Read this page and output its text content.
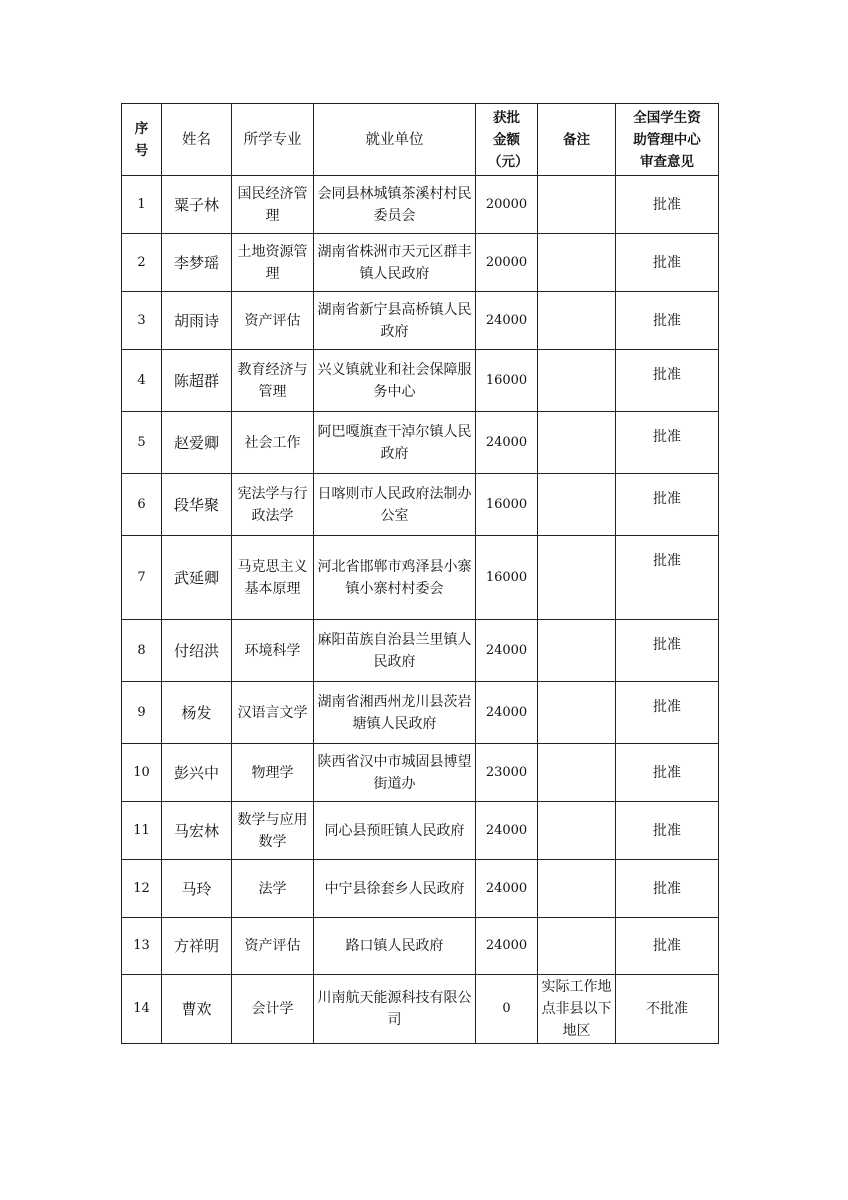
序号	姓名	所学专业	就业单位	获批金额（元）	备注	全国学生资助管理中心审查意见
1	粟子林	国民经济管理	会同县林城镇茶溪村村民委员会	20000		批准
2	李梦瑶	土地资源管理	湖南省株洲市天元区群丰镇人民政府	20000		批准
3	胡雨诗	资产评估	湖南省新宁县高桥镇人民政府	24000		批准
4	陈超群	教育经济与管理	兴义镇就业和社会保障服务中心	16000		批准
5	赵爱卿	社会工作	阿巴嘎旗查干淖尔镇人民政府	24000		批准
6	段华聚	宪法学与行政法学	日喀则市人民政府法制办公室	16000		批准
7	武延卿	马克思主义基本原理	河北省邯郸市鸡泽县小寨镇小寨村村委会	16000		批准
8	付绍洪	环境科学	麻阳苗族自治县兰里镇人民政府	24000		批准
9	杨发	汉语言文学	湖南省湘西州龙川县茨岩塘镇人民政府	24000		批准
10	彭兴中	物理学	陕西省汉中市城固县博望街道办	23000		批准
11	马宏林	数学与应用数学	同心县预旺镇人民政府	24000		批准
12	马玲	法学	中宁县徐套乡人民政府	24000		批准
13	方祥明	资产评估	路口镇人民政府	24000		批准
14	曹欢	会计学	川南航天能源科技有限公司	0	实际工作地点非县以下地区	不批准
